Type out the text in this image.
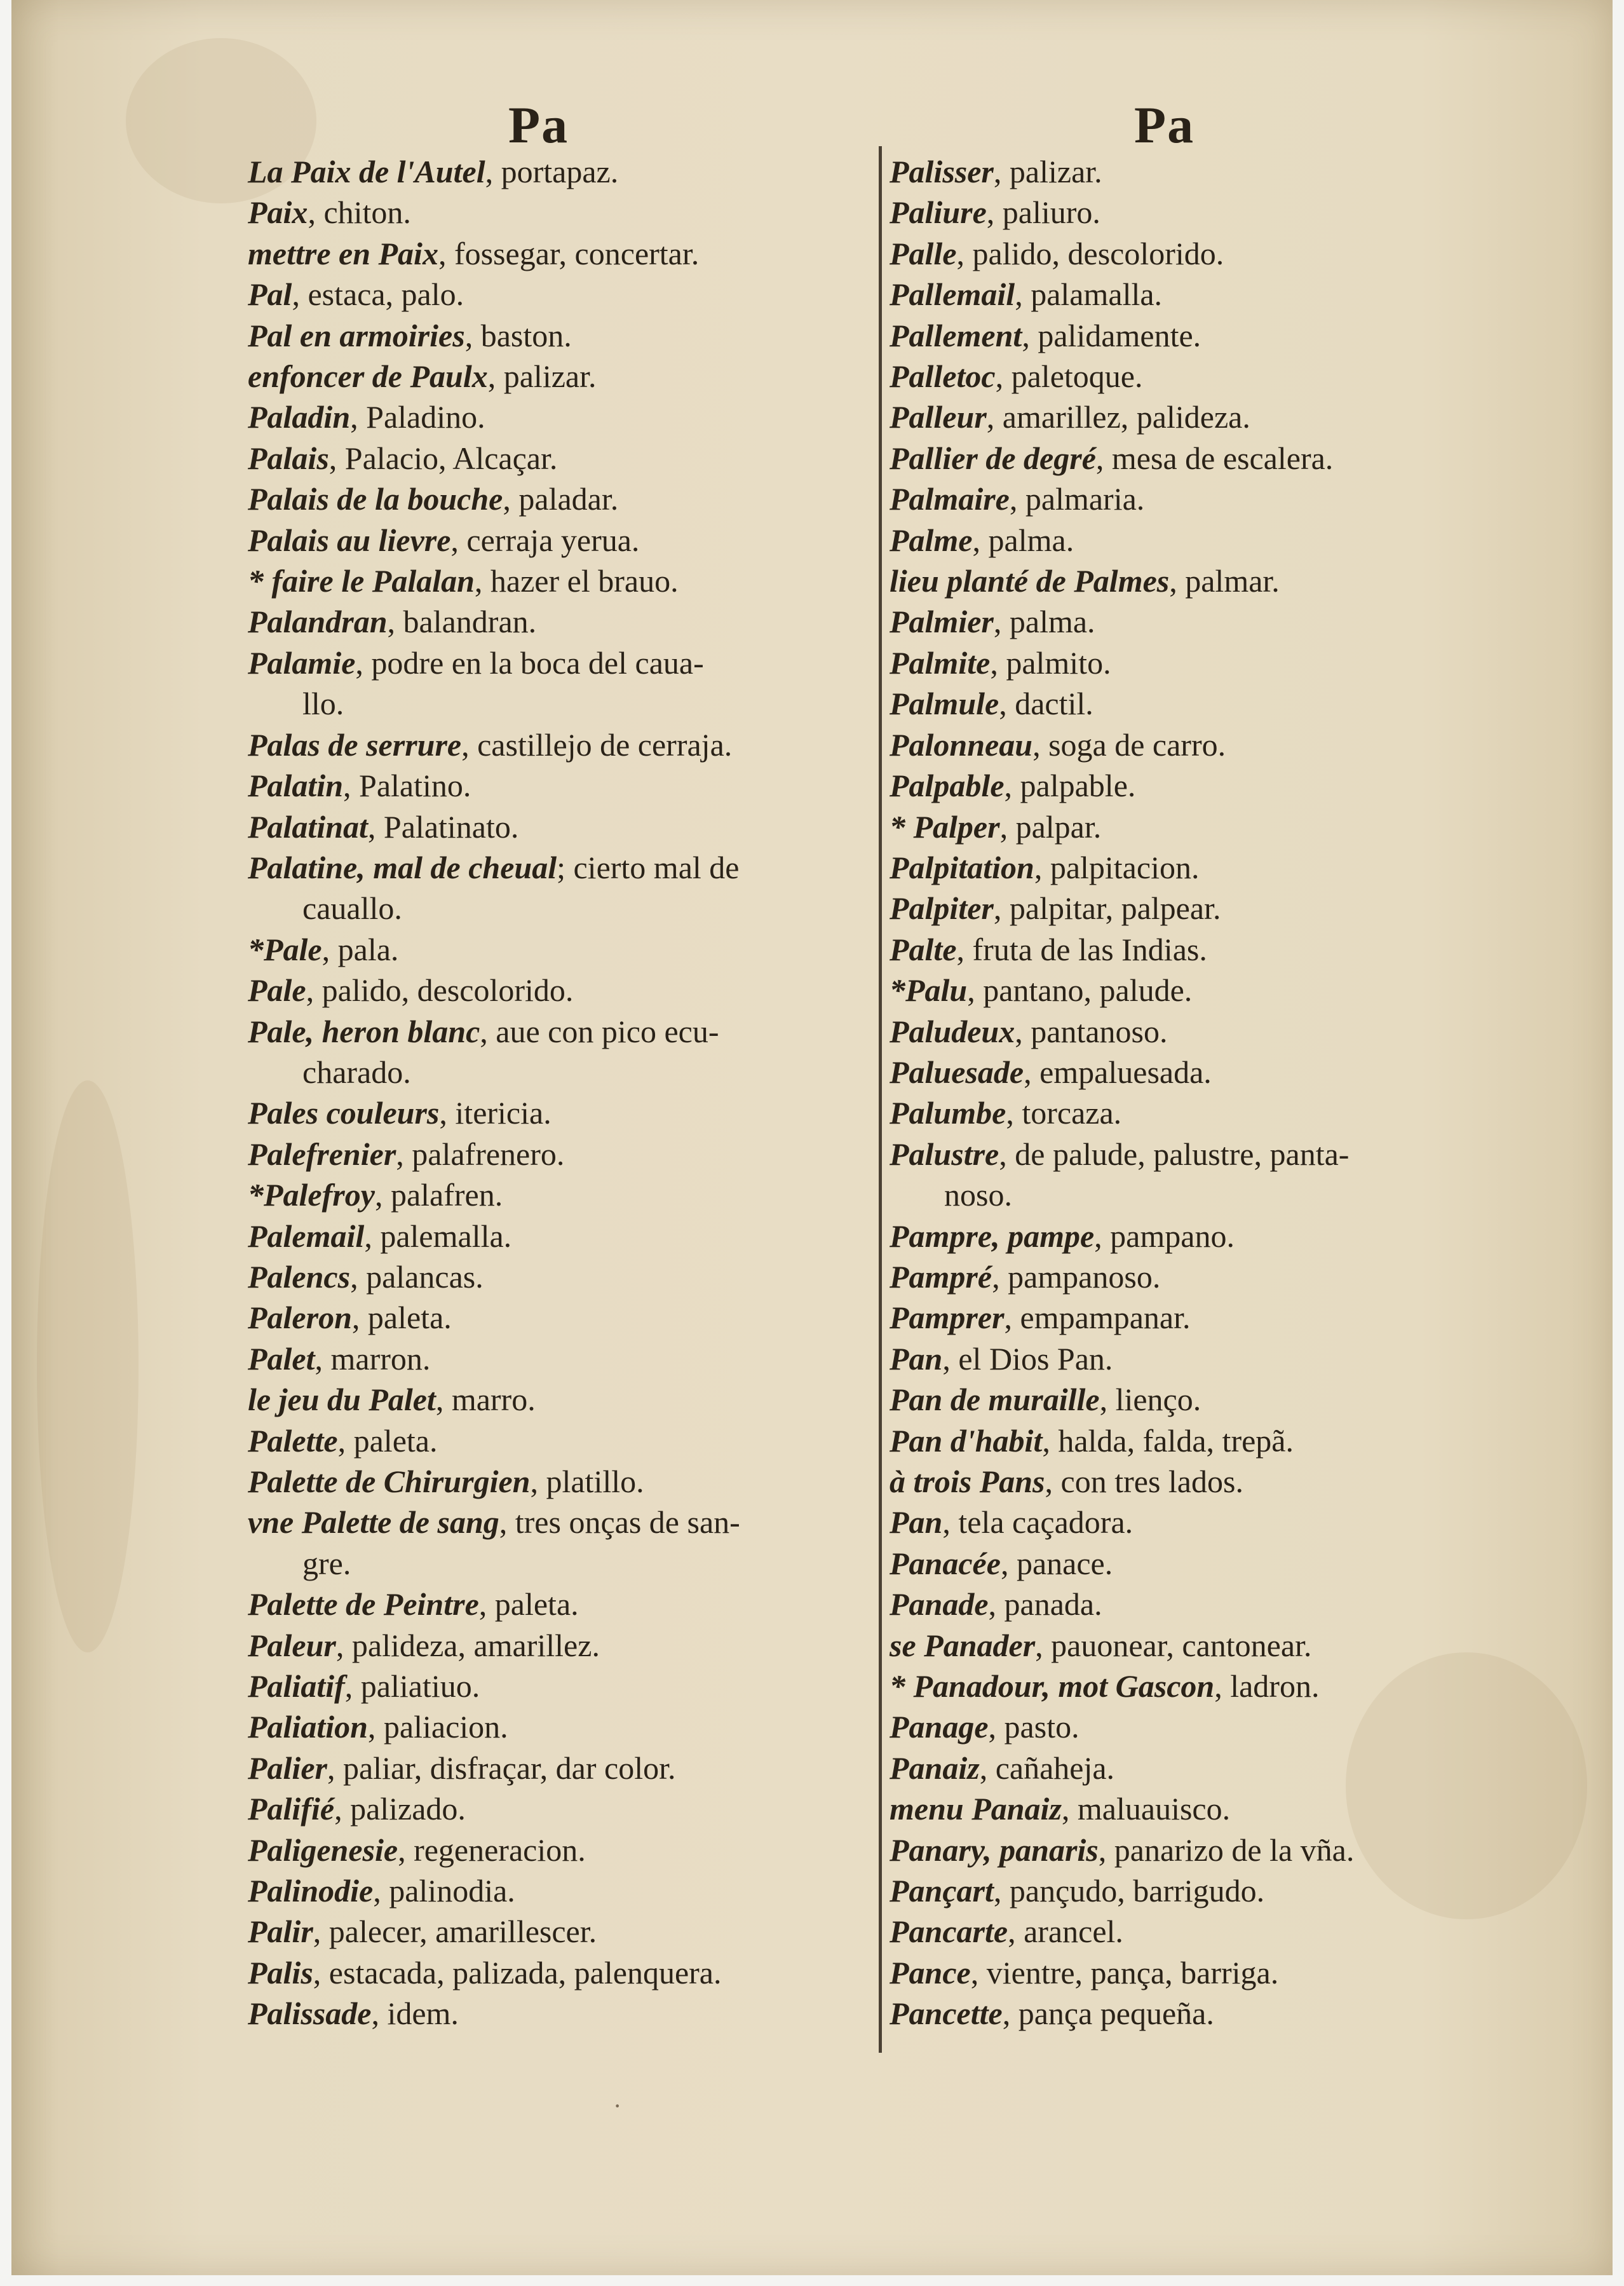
Pa	Pa
La Paix de l'Autel, portapaz.
Paix, chiton.
mettre en Paix, fossegar, concertar.
Pal, estaca, palo.
Pal en armoiries, baston.
enfoncer de Paulx, palizar.
Paladin, Paladino.
Palais, Palacio, Alcaçar.
Palais de la bouche, paladar.
Palais au lievre, cerraja yerua.
* faire le Palalan, hazer el brauo.
Palandran, balandran.
Palamie, podre en la boca del caua-
llo.
Palas de serrure, castillejo de cerraja.
Palatin, Palatino.
Palatinat, Palatinato.
Palatine, mal de cheual; cierto mal de
cauallo.
*Pale, pala.
Pale, palido, descolorido.
Pale, heron blanc, aue con pico ecu-
charado.
Pales couleurs, itericia.
Palefrenier, palafrenero.
*Palefroy, palafren.
Palemail, palemalla.
Palencs, palancas.
Paleron, paleta.
Palet, marron.
le jeu du Palet, marro.
Palette, paleta.
Palette de Chirurgien, platillo.
vne Palette de sang, tres onças de san-
gre.
Palette de Peintre, paleta.
Paleur, palideza, amarillez.
Paliatif, paliatiuo.
Paliation, paliacion.
Palier, paliar, disfraçar, dar color.
Palifié, palizado.
Paligenesie, regeneracion.
Palinodie, palinodia.
Palir, palecer, amarillescer.
Palis, estacada, palizada, palenquera.
Palissade, idem.
Palisser, palizar.
Paliure, paliuro.
Palle, palido, descolorido.
Pallemail, palamalla.
Pallement, palidamente.
Palletoc, paletoque.
Palleur, amarillez, palideza.
Pallier de degré, mesa de escalera.
Palmaire, palmaria.
Palme, palma.
lieu planté de Palmes, palmar.
Palmier, palma.
Palmite, palmito.
Palmule, dactil.
Palonneau, soga de carro.
Palpable, palpable.
* Palper, palpar.
Palpitation, palpitacion.
Palpiter, palpitar, palpear.
Palte, fruta de las Indias.
*Palu, pantano, palude.
Paludeux, pantanoso.
Paluesade, empaluesada.
Palumbe, torcaza.
Palustre, de palude, palustre, panta-
noso.
Pampre, pampe, pampano.
Pampré, pampanoso.
Pamprer, empampanar.
Pan, el Dios Pan.
Pan de muraille, lienço.
Pan d'habit, halda, falda, trepã.
à trois Pans, con tres lados.
Pan, tela caçadora.
Panacée, panace.
Panade, panada.
se Panader, pauonear, cantonear.
* Panadour, mot Gascon, ladron.
Panage, pasto.
Panaiz, cañaheja.
menu Panaiz, maluauisco.
Panary, panaris, panarizo de la vña.
Pançart, pançudo, barrigudo.
Pancarte, arancel.
Pance, vientre, pança, barriga.
Pancette, pança pequeña.
·
